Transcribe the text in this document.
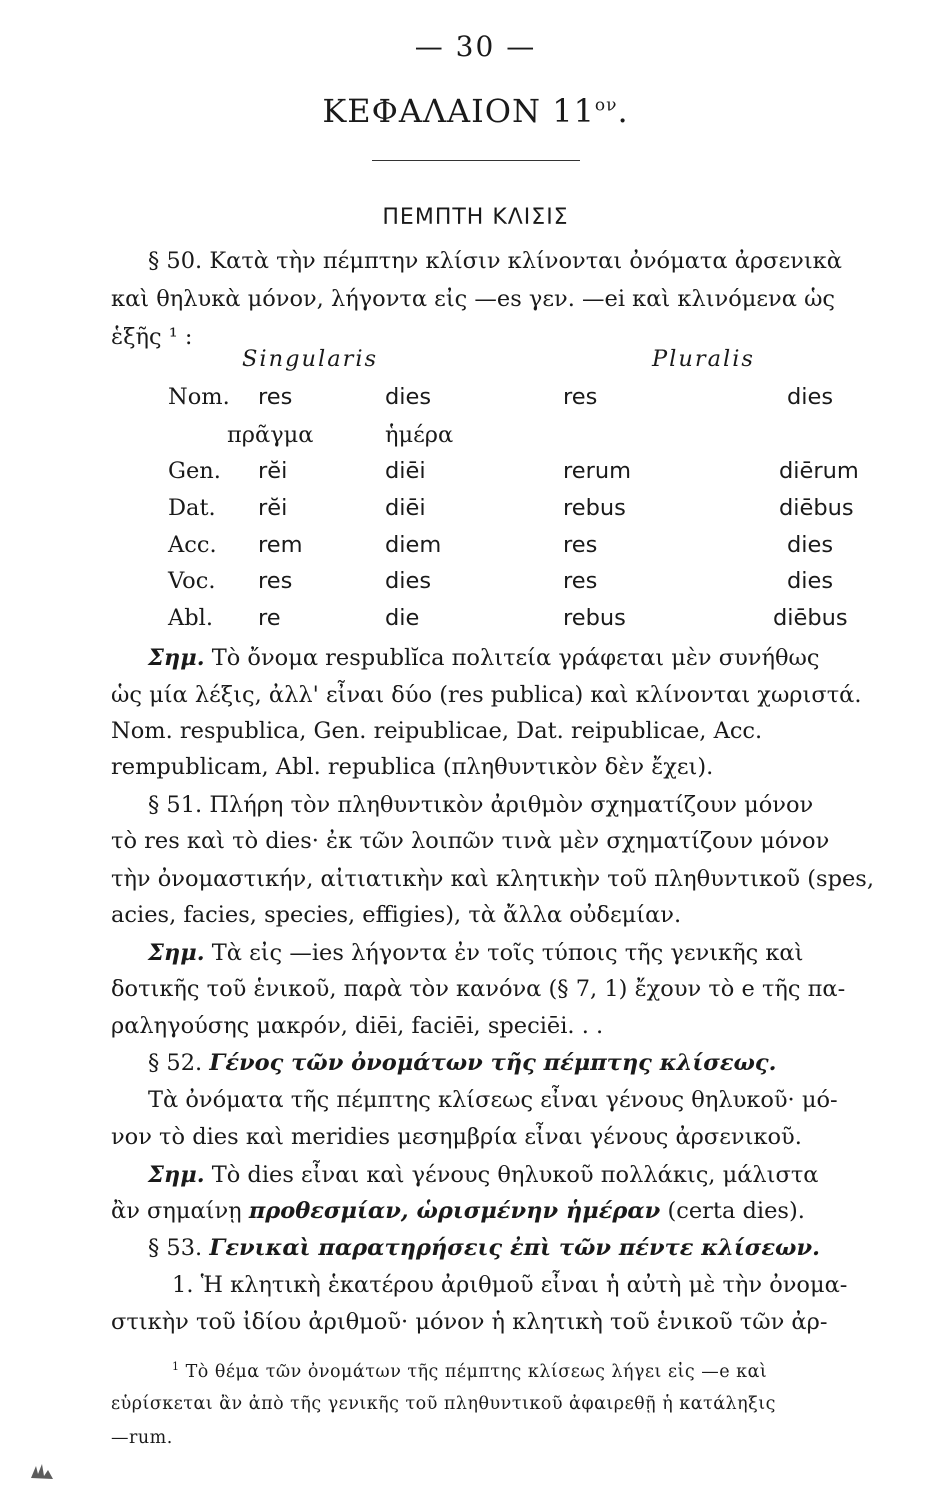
— 30 —
ΚΕΦΑΛΑΙΟΝ $11^{o\nu}$.
ΠΕΜΠΤΗ ΚΛΙΣΙΣ
§ 50. Κατὰ τὴν πέμπτην κλίσιν κλίνονται ὀνόματα ἀρσενικὰ
καὶ θηλυκὰ μόνον, λήγοντα εἰς —es γεν. —ei καὶ κλινόμενα ὡς
ἑξῆς ¹ :
Singularis	Pluralis
Nom. res	dies	res	dies
πρᾶγμα	ἡμέρα
Gen. rĕi	diēi	rerum	diērum
Dat. rĕi	diēi	rebus	diēbus
Acc. rem	diem	res	dies
Voc. res	dies	res	dies
Abl. re	die	rebus	diēbus
Σημ. Τὸ ὄνομα respublĭca πολιτεία γράφεται μὲν συνήθως
ὡς μία λέξις, ἀλλ' εἶναι δύο (res publica) καὶ κλίνονται χωριστά.
Nom. respublica, Gen. reipublicae, Dat. reipublicae, Acc.
rempublicam, Abl. republica (πληθυντικὸν δὲν ἔχει).
§ 51. Πλήρη τὸν πληθυντικὸν ἀριθμὸν σχηματίζουν μόνον
τὸ res καὶ τὸ dies· ἐκ τῶν λοιπῶν τινὰ μὲν σχηματίζουν μόνον
τὴν ὀνομαστικήν, αἰτιατικὴν καὶ κλητικὴν τοῦ πληθυντικοῦ (spes,
acies, facies, species, effigies), τὰ ἄλλα οὐδεμίαν.
Σημ. Τὰ εἰς —ies λήγοντα ἐν τοῖς τύποις τῆς γενικῆς καὶ
δοτικῆς τοῦ ἑνικοῦ, παρὰ τὸν κανόνα (§ 7, 1) ἔχουν τὸ e τῆς πα-
ραληγούσης μακρόν, diēi, faciēi, speciēi. . .
§ 52. Γένος τῶν ὀνομάτων τῆς πέμπτης κλίσεως.
Τὰ ὀνόματα τῆς πέμπτης κλίσεως εἶναι γένους θηλυκοῦ· μό-
νον τὸ dies καὶ meridies μεσημβρία εἶναι γένους ἀρσενικοῦ.
Σημ. Τὸ dies εἶναι καὶ γένους θηλυκοῦ πολλάκις, μάλιστα
ἂν σημαίνῃ προθεσμίαν, ὡρισμένην ἡμέραν (certa dies).
§ 53. Γενικαὶ παρατηρήσεις ἐπὶ τῶν πέντε κλίσεων.
1. Ἡ κλητικὴ ἑκατέρου ἀριθμοῦ εἶναι ἡ αὐτὴ μὲ τὴν ὀνομα-
στικὴν τοῦ ἰδίου ἀριθμοῦ· μόνον ἡ κλητικὴ τοῦ ἑνικοῦ τῶν ἀρ-
$^1$ Τὸ θέμα τῶν ὀνομάτων τῆς πέμπτης κλίσεως λήγει εἰς —e καὶ
εὑρίσκεται ἂν ἀπὸ τῆς γενικῆς τοῦ πληθυντικοῦ ἀφαιρεθῇ ἡ κατάληξις
—rum.
